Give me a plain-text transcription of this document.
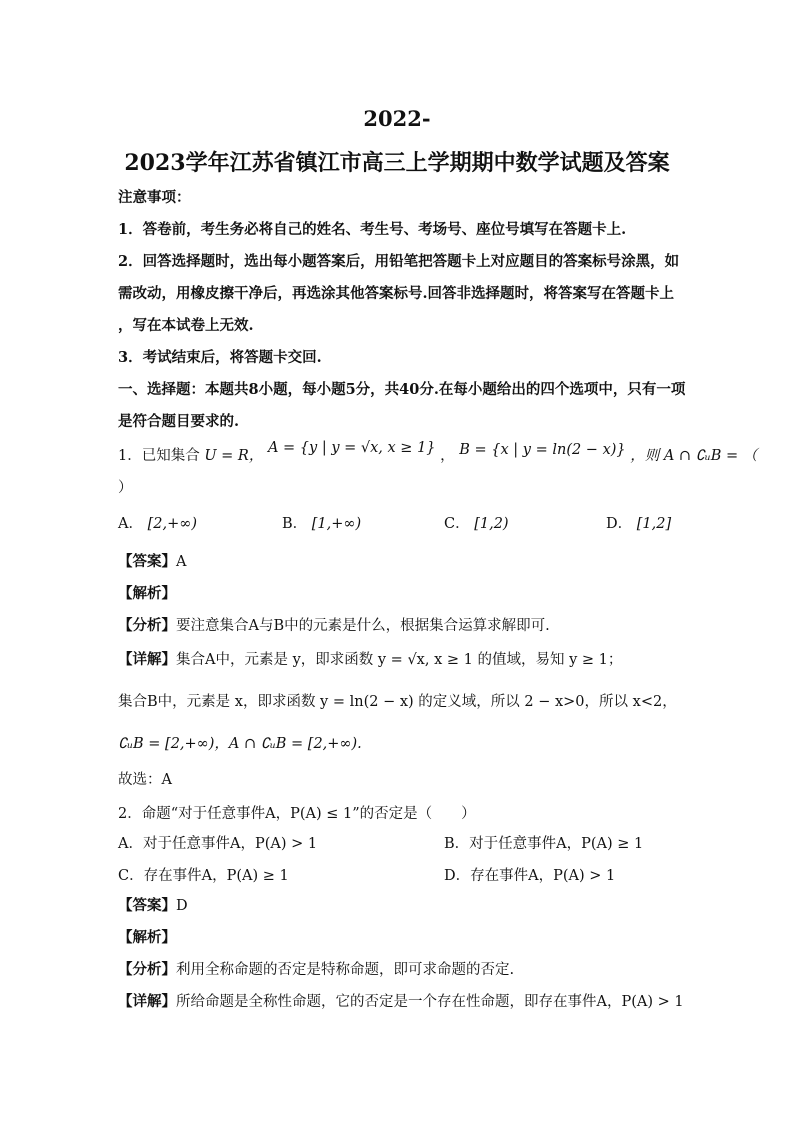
2022-
2023学年江苏省镇江市高三上学期期中数学试题及答案
注意事项：
1．答卷前，考生务必将自己的姓名、考生号、考场号、座位号填写在答题卡上.
2．回答选择题时，选出每小题答案后，用铅笔把答题卡上对应题目的答案标号涂黑，如
需改动，用橡皮擦干净后，再选涂其他答案标号.回答非选择题时，将答案写在答题卡上
，写在本试卷上无效.
3．考试结束后，将答题卡交回.
一、选择题：本题共8小题，每小题5分，共40分.在每小题给出的四个选项中，只有一项
是符合题目要求的.
1．已知集合 U = R， A = {y | y = √x, x ≥ 1} ， B = {x | y = ln(2 − x)} ，则 A ∩ ∁ᵤB = （
）
A． [2,+∞)	B． [1,+∞)	C． [1,2)	D． [1,2]
【答案】A
【解析】
【分析】要注意集合A与B中的元素是什么，根据集合运算求解即可.
【详解】集合A中，元素是 y，即求函数 y = √x, x ≥ 1 的值域，易知 y ≥ 1；
集合B中，元素是 x，即求函数 y = ln(2 − x) 的定义域，所以 2 − x>0，所以 x<2，
∁ᵤB = [2,+∞)，A ∩ ∁ᵤB = [2,+∞).
故选：A
2．命题“对于任意事件A，P(A) ≤ 1”的否定是（　　）
A．对于任意事件A，P(A) > 1	B．对于任意事件A，P(A) ≥ 1
C．存在事件A，P(A) ≥ 1	D．存在事件A，P(A) > 1
【答案】D
【解析】
【分析】利用全称命题的否定是特称命题，即可求命题的否定.
【详解】所给命题是全称性命题，它的否定是一个存在性命题，即存在事件A，P(A) > 1
